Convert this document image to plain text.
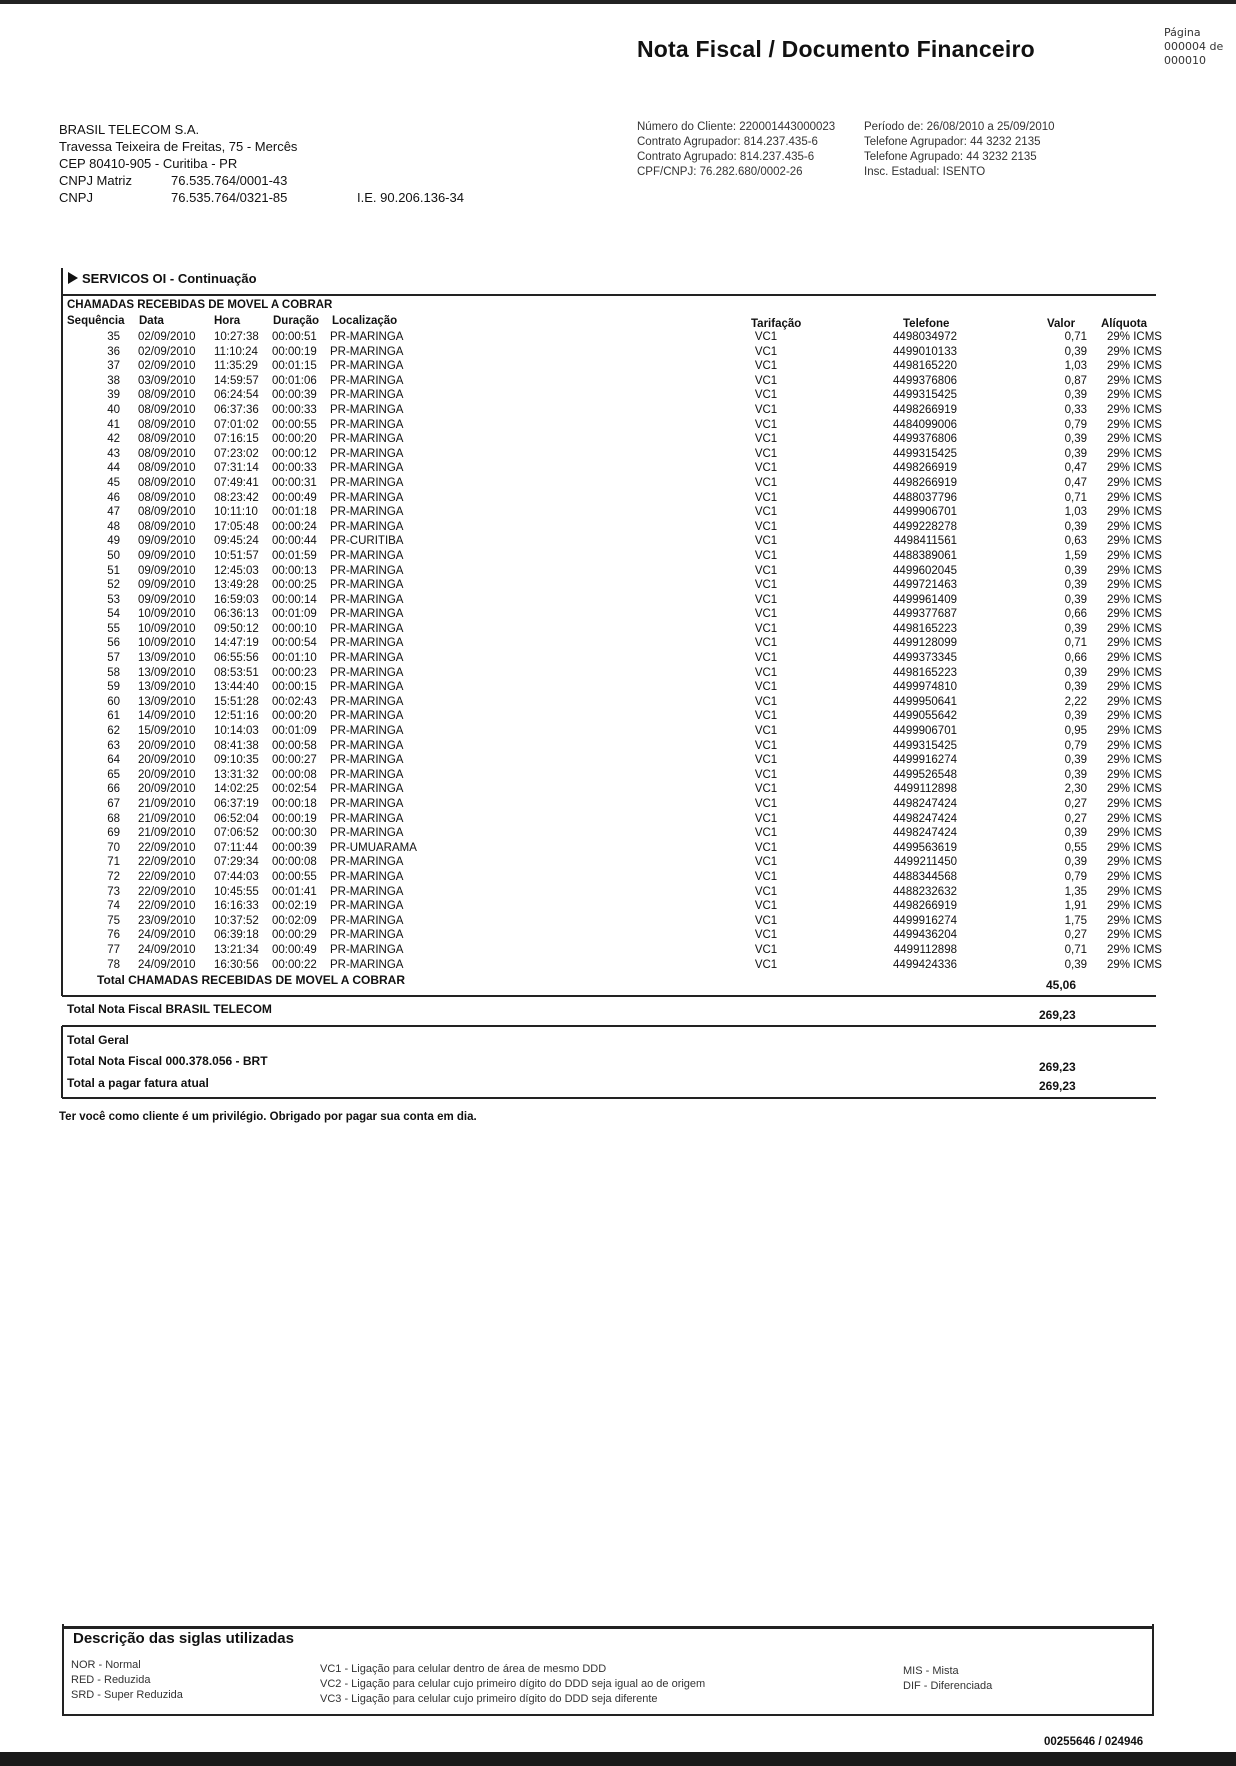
Nota Fiscal / Documento Financeiro
Página
000004 de
000010
BRASIL TELECOM S.A.
Travessa Teixeira de Freitas, 75 - Mercês
CEP 80410-905 - Curitiba - PR
CNPJ Matriz	76.535.764/0001-43
CNPJ	76.535.764/0321-85	I.E. 90.206.136-34
Número do Cliente: 220001443000023
Contrato Agrupador: 814.237.435-6
Contrato Agrupado: 814.237.435-6
CPF/CNPJ: 76.282.680/0002-26
Período de: 26/08/2010 a 25/09/2010
Telefone Agrupador: 44 3232 2135
Telefone Agrupado: 44 3232 2135
Insc. Estadual: ISENTO
SERVICOS OI - Continuação
CHAMADAS RECEBIDAS DE MOVEL A COBRAR
Sequência Data	Hora	Duração Localização	Tarifação	Telefone	Valor Alíquota
35	02/09/2010	10:27:38	00:00:51	PR-MARINGA	VC1	4498034972	0,71	29% ICMS
36	02/09/2010	11:10:24	00:00:19	PR-MARINGA	VC1	4499010133	0,39	29% ICMS
37	02/09/2010	11:35:29	00:01:15	PR-MARINGA	VC1	4498165220	1,03	29% ICMS
38	03/09/2010	14:59:57	00:01:06	PR-MARINGA	VC1	4499376806	0,87	29% ICMS
39	08/09/2010	06:24:54	00:00:39	PR-MARINGA	VC1	4499315425	0,39	29% ICMS
40	08/09/2010	06:37:36	00:00:33	PR-MARINGA	VC1	4498266919	0,33	29% ICMS
41	08/09/2010	07:01:02	00:00:55	PR-MARINGA	VC1	4484099006	0,79	29% ICMS
42	08/09/2010	07:16:15	00:00:20	PR-MARINGA	VC1	4499376806	0,39	29% ICMS
43	08/09/2010	07:23:02	00:00:12	PR-MARINGA	VC1	4499315425	0,39	29% ICMS
44	08/09/2010	07:31:14	00:00:33	PR-MARINGA	VC1	4498266919	0,47	29% ICMS
45	08/09/2010	07:49:41	00:00:31	PR-MARINGA	VC1	4498266919	0,47	29% ICMS
46	08/09/2010	08:23:42	00:00:49	PR-MARINGA	VC1	4488037796	0,71	29% ICMS
47	08/09/2010	10:11:10	00:01:18	PR-MARINGA	VC1	4499906701	1,03	29% ICMS
48	08/09/2010	17:05:48	00:00:24	PR-MARINGA	VC1	4499228278	0,39	29% ICMS
49	09/09/2010	09:45:24	00:00:44	PR-CURITIBA	VC1	4498411561	0,63	29% ICMS
50	09/09/2010	10:51:57	00:01:59	PR-MARINGA	VC1	4488389061	1,59	29% ICMS
51	09/09/2010	12:45:03	00:00:13	PR-MARINGA	VC1	4499602045	0,39	29% ICMS
52	09/09/2010	13:49:28	00:00:25	PR-MARINGA	VC1	4499721463	0,39	29% ICMS
53	09/09/2010	16:59:03	00:00:14	PR-MARINGA	VC1	4499961409	0,39	29% ICMS
54	10/09/2010	06:36:13	00:01:09	PR-MARINGA	VC1	4499377687	0,66	29% ICMS
55	10/09/2010	09:50:12	00:00:10	PR-MARINGA	VC1	4498165223	0,39	29% ICMS
56	10/09/2010	14:47:19	00:00:54	PR-MARINGA	VC1	4499128099	0,71	29% ICMS
57	13/09/2010	06:55:56	00:01:10	PR-MARINGA	VC1	4499373345	0,66	29% ICMS
58	13/09/2010	08:53:51	00:00:23	PR-MARINGA	VC1	4498165223	0,39	29% ICMS
59	13/09/2010	13:44:40	00:00:15	PR-MARINGA	VC1	4499974810	0,39	29% ICMS
60	13/09/2010	15:51:28	00:02:43	PR-MARINGA	VC1	4499950641	2,22	29% ICMS
61	14/09/2010	12:51:16	00:00:20	PR-MARINGA	VC1	4499055642	0,39	29% ICMS
62	15/09/2010	10:14:03	00:01:09	PR-MARINGA	VC1	4499906701	0,95	29% ICMS
63	20/09/2010	08:41:38	00:00:58	PR-MARINGA	VC1	4499315425	0,79	29% ICMS
64	20/09/2010	09:10:35	00:00:27	PR-MARINGA	VC1	4499916274	0,39	29% ICMS
65	20/09/2010	13:31:32	00:00:08	PR-MARINGA	VC1	4499526548	0,39	29% ICMS
66	20/09/2010	14:02:25	00:02:54	PR-MARINGA	VC1	4499112898	2,30	29% ICMS
67	21/09/2010	06:37:19	00:00:18	PR-MARINGA	VC1	4498247424	0,27	29% ICMS
68	21/09/2010	06:52:04	00:00:19	PR-MARINGA	VC1	4498247424	0,27	29% ICMS
69	21/09/2010	07:06:52	00:00:30	PR-MARINGA	VC1	4498247424	0,39	29% ICMS
70	22/09/2010	07:11:44	00:00:39	PR-UMUARAMA	VC1	4499563619	0,55	29% ICMS
71	22/09/2010	07:29:34	00:00:08	PR-MARINGA	VC1	4499211450	0,39	29% ICMS
72	22/09/2010	07:44:03	00:00:55	PR-MARINGA	VC1	4488344568	0,79	29% ICMS
73	22/09/2010	10:45:55	00:01:41	PR-MARINGA	VC1	4488232632	1,35	29% ICMS
74	22/09/2010	16:16:33	00:02:19	PR-MARINGA	VC1	4498266919	1,91	29% ICMS
75	23/09/2010	10:37:52	00:02:09	PR-MARINGA	VC1	4499916274	1,75	29% ICMS
76	24/09/2010	06:39:18	00:00:29	PR-MARINGA	VC1	4499436204	0,27	29% ICMS
77	24/09/2010	13:21:34	00:00:49	PR-MARINGA	VC1	4499112898	0,71	29% ICMS
78	24/09/2010	16:30:56	00:00:22	PR-MARINGA	VC1	4499424336	0,39	29% ICMS
Total CHAMADAS RECEBIDAS DE MOVEL A COBRAR	45,06
Total Nota Fiscal BRASIL TELECOM	269,23
Total Geral
Total Nota Fiscal 000.378.056 - BRT	269,23
Total a pagar fatura atual	269,23
Ter você como cliente é um privilégio. Obrigado por pagar sua conta em dia.
Descrição das siglas utilizadas
NOR - Normal
RED - Reduzida
SRD - Super Reduzida
VC1 - Ligação para celular dentro de área de mesmo DDD
VC2 - Ligação para celular cujo primeiro dígito do DDD seja igual ao de origem
VC3 - Ligação para celular cujo primeiro dígito do DDD seja diferente
MIS - Mista
DIF - Diferenciada
00255646 / 024946
